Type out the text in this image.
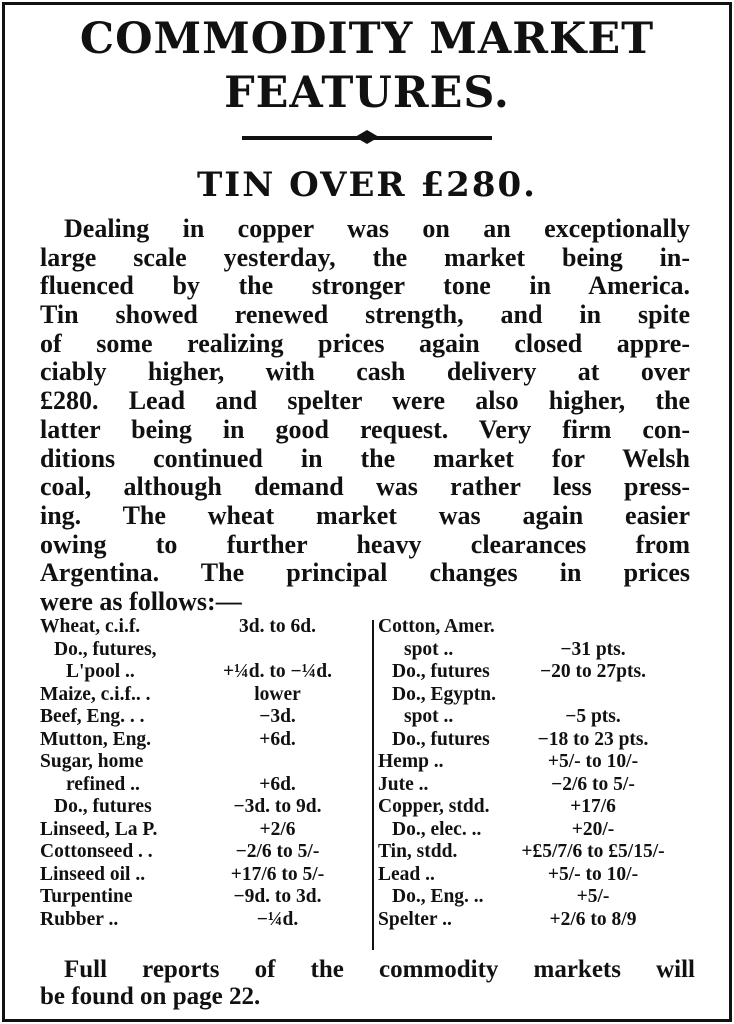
COMMODITY MARKET
FEATURES.
TIN OVER £280.
Dealing in copper was on an exceptionally
large scale yesterday, the market being in-
fluenced by the stronger tone in America.
Tin showed renewed strength, and in spite
of some realizing prices again closed appre-
ciably higher, with cash delivery at over
£280. Lead and spelter were also higher, the
latter being in good request. Very firm con-
ditions continued in the market for Welsh
coal, although demand was rather less press-
ing. The wheat market was again easier
owing to further heavy clearances from
Argentina. The principal changes in prices
were as follows:—
Wheat, c.i.f.	3d. to 6d.
Do., futures,
L'pool ..	+¼d. to −¼d.
Maize, c.i.f.. .	lower
Beef, Eng. . .	−3d.
Mutton, Eng.	+6d.
Sugar, home
refined ..	+6d.
Do., futures	−3d. to 9d.
Linseed, La P.	+2/6
Cottonseed . .	−2/6 to 5/-
Linseed oil ..	+17/6 to 5/-
Turpentine	−9d. to 3d.
Rubber ..	−¼d.
Cotton, Amer.
spot ..	−31 pts.
Do., futures	−20 to 27pts.
Do., Egyptn.
spot ..	−5 pts.
Do., futures	−18 to 23 pts.
Hemp ..	+5/- to 10/-
Jute ..	−2/6 to 5/-
Copper, stdd.	+17/6
Do., elec. ..	+20/-
Tin, stdd.	+£5/7/6 to £5/15/-
Lead ..	+5/- to 10/-
Do., Eng. ..	+5/-
Spelter ..	+2/6 to 8/9
Full reports of the commodity markets will
be found on page 22.
